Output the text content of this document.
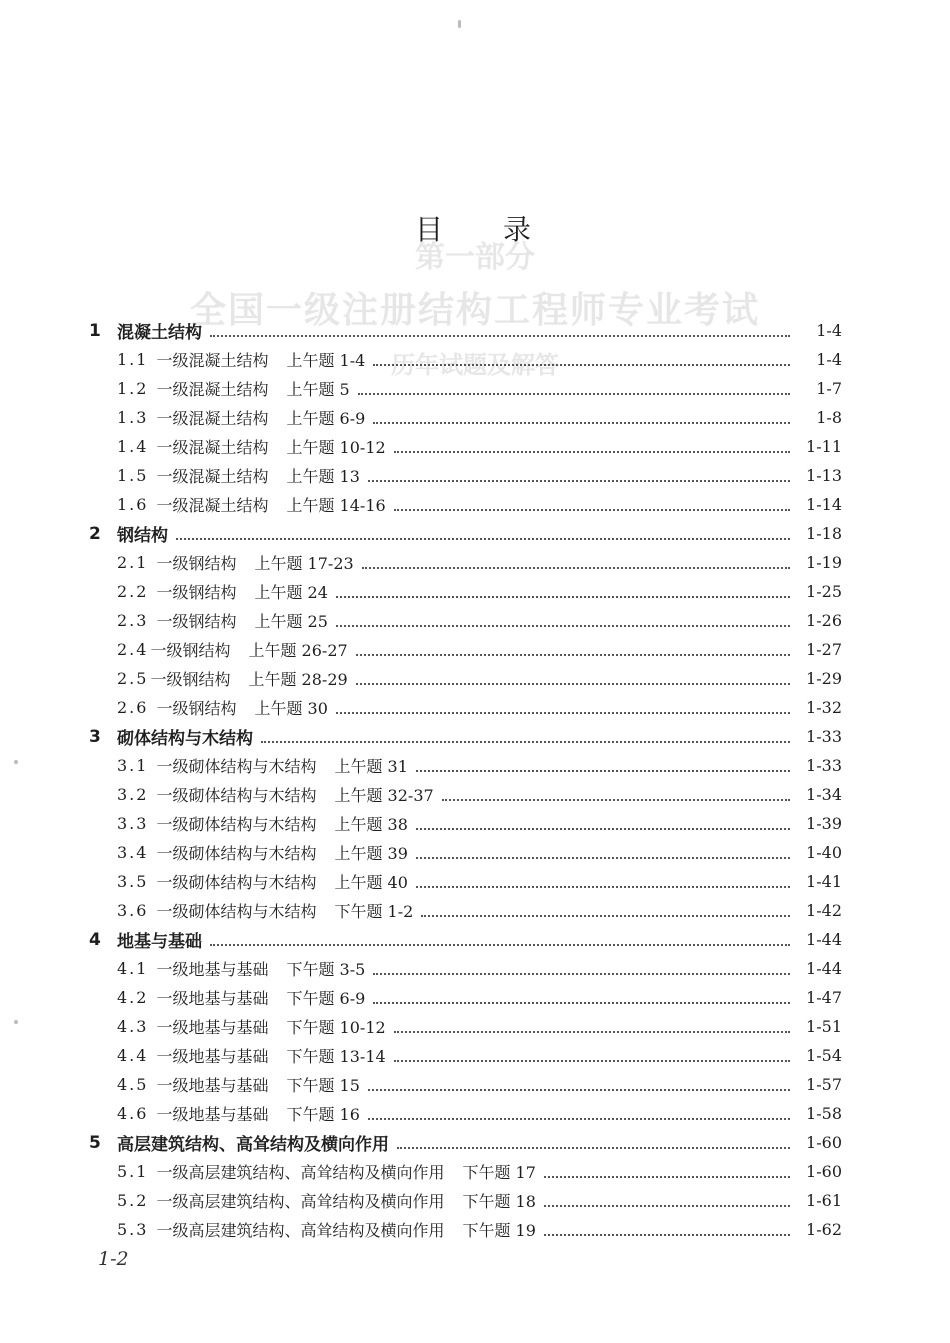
第一部分
全国一级注册结构工程师专业考试
历年试题及解答
目 录
1 混凝土结构	1-4
1.1 一级混凝土结构 上午题 1-4	1-4
1.2 一级混凝土结构 上午题 5	1-7
1.3 一级混凝土结构 上午题 6-9	1-8
1.4 一级混凝土结构 上午题 10-12	1-11
1.5 一级混凝土结构 上午题 13	1-13
1.6 一级混凝土结构 上午题 14-16	1-14
2 钢结构	1-18
2.1 一级钢结构 上午题 17-23	1-19
2.2 一级钢结构 上午题 24	1-25
2.3 一级钢结构 上午题 25	1-26
2.4 一级钢结构 上午题 26-27	1-27
2.5 一级钢结构 上午题 28-29	1-29
2.6 一级钢结构 上午题 30	1-32
3 砌体结构与木结构	1-33
3.1 一级砌体结构与木结构 上午题 31	1-33
3.2 一级砌体结构与木结构 上午题 32-37	1-34
3.3 一级砌体结构与木结构 上午题 38	1-39
3.4 一级砌体结构与木结构 上午题 39	1-40
3.5 一级砌体结构与木结构 上午题 40	1-41
3.6 一级砌体结构与木结构 下午题 1-2	1-42
4 地基与基础	1-44
4.1 一级地基与基础 下午题 3-5	1-44
4.2 一级地基与基础 下午题 6-9	1-47
4.3 一级地基与基础 下午题 10-12	1-51
4.4 一级地基与基础 下午题 13-14	1-54
4.5 一级地基与基础 下午题 15	1-57
4.6 一级地基与基础 下午题 16	1-58
5 高层建筑结构、高耸结构及横向作用	1-60
5.1 一级高层建筑结构、高耸结构及横向作用 下午题 17	1-60
5.2 一级高层建筑结构、高耸结构及横向作用 下午题 18	1-61
5.3 一级高层建筑结构、高耸结构及横向作用 下午题 19	1-62
1-2
